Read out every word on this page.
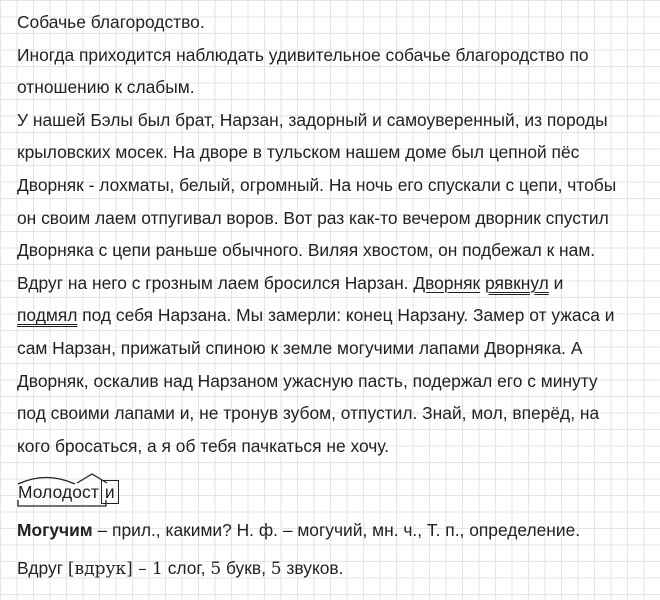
Собачье благородство.
Иногда приходится наблюдать удивительное собачье благородство по
отношению к слабым.
У нашей Бэлы был брат, Нарзан, задорный и самоуверенный, из породы
крыловских мосек. На дворе в тульском нашем доме был цепной пёс
Дворняк - лохматы, белый, огромный. На ночь его спускали с цепи, чтобы
он своим лаем отпугивал воров. Вот раз как-то вечером дворник спустил
Дворняка с цепи раньше обычного. Виляя хвостом, он подбежал к нам.
Вдруг на него с грозным лаем бросился Нарзан. Дворняк рявкнул и
подмял под себя Нарзана. Мы замерли: конец Нарзану. Замер от ужаса и
сам Нарзан, прижатый спиною к земле могучими лапами Дворняка. А
Дворняк, оскалив над Нарзаном ужасную пасть, подержал его с минуту
под своими лапами и, не тронув зубом, отпустил. Знай, мол, вперёд, на
кого бросаться, а я об тебя пачкаться не хочу.
Молодост и
Могучим – прил., какими? Н. ф. – могучий, мн. ч., Т. п., определение.
Вдруг [вдрук] – 1 слог, 5 букв, 5 звуков.
